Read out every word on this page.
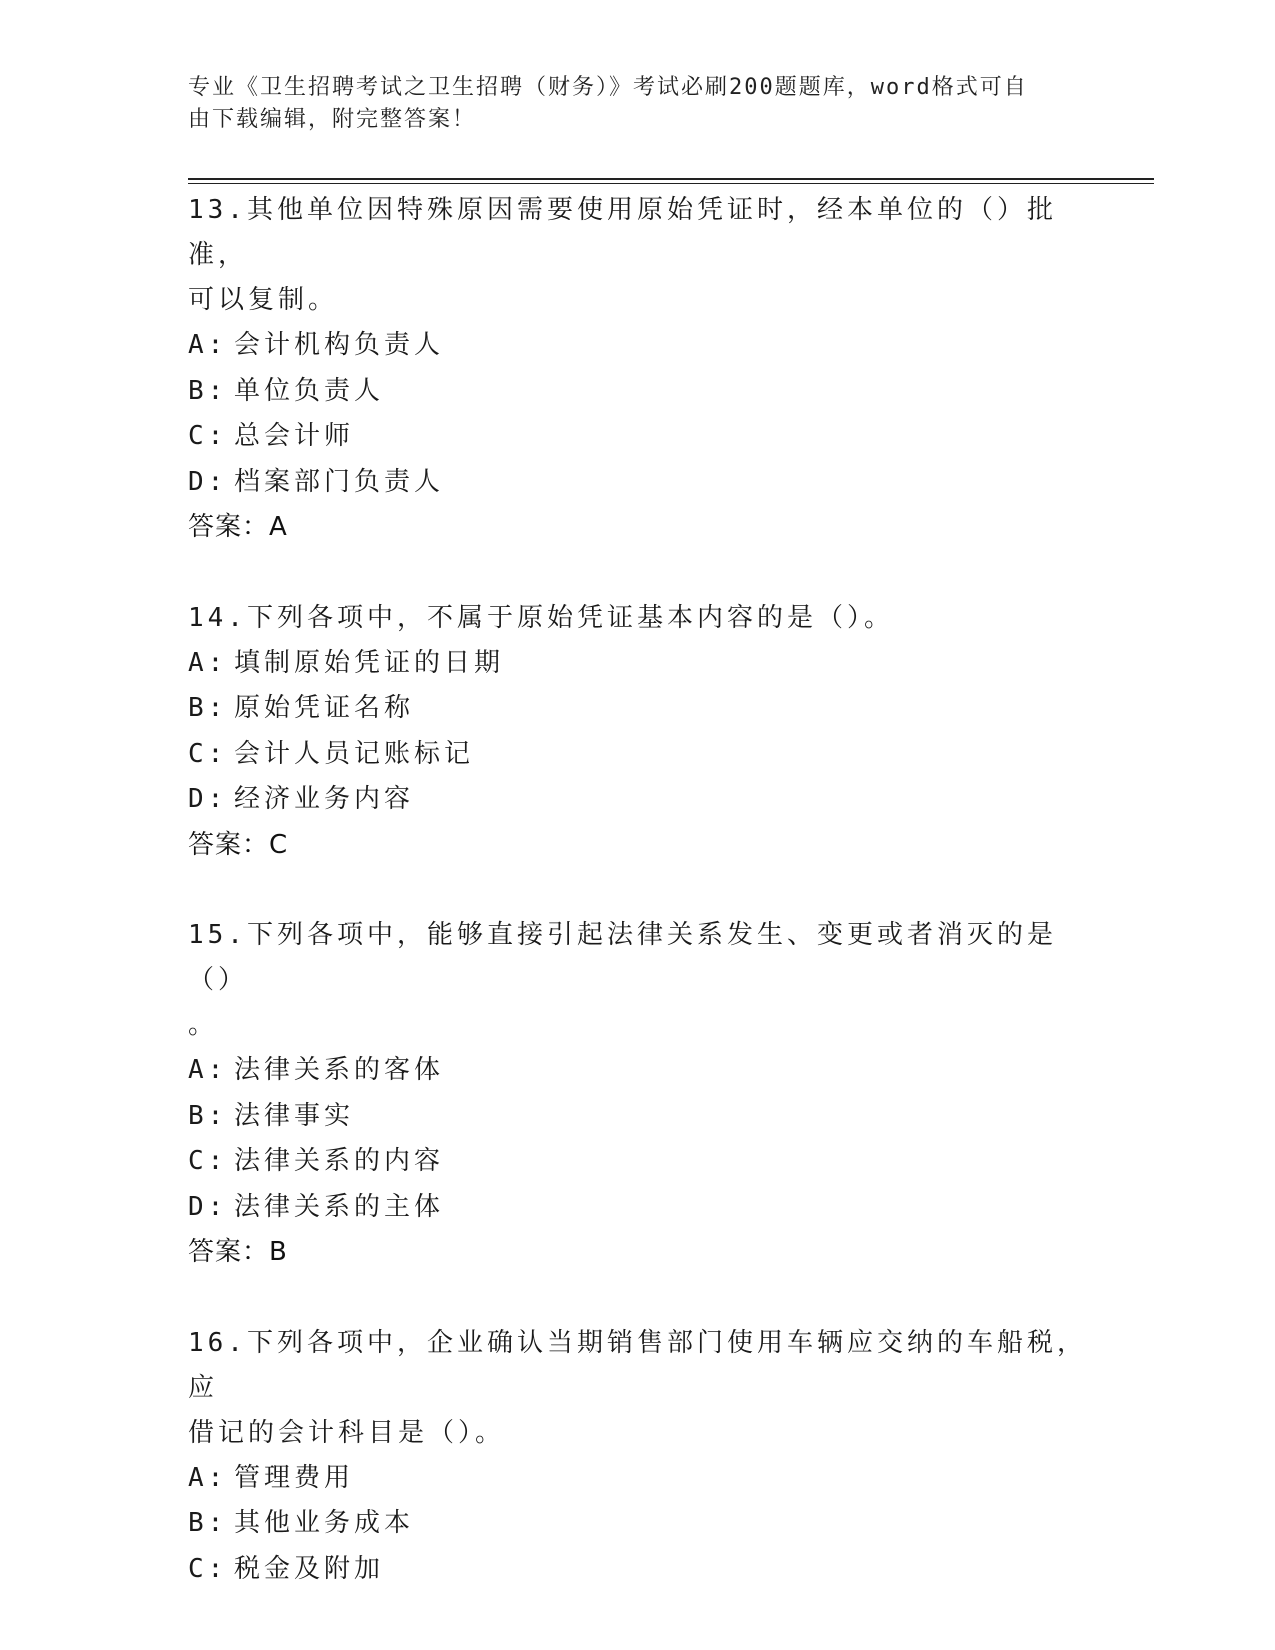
专业《卫生招聘考试之卫生招聘（财务）》考试必刷200题题库，word格式可自
由下载编辑，附完整答案！
13.其他单位因特殊原因需要使用原始凭证时，经本单位的（）批准，
可以复制。
A: 会计机构负责人
B: 单位负责人
C: 总会计师
D: 档案部门负责人
答案：A
14.下列各项中，不属于原始凭证基本内容的是（）。
A: 填制原始凭证的日期
B: 原始凭证名称
C: 会计人员记账标记
D: 经济业务内容
答案：C
15.下列各项中，能够直接引起法律关系发生、变更或者消灭的是（）
。
A: 法律关系的客体
B: 法律事实
C: 法律关系的内容
D: 法律关系的主体
答案：B
16.下列各项中，企业确认当期销售部门使用车辆应交纳的车船税，应
借记的会计科目是（）。
A: 管理费用
B: 其他业务成本
C: 税金及附加
